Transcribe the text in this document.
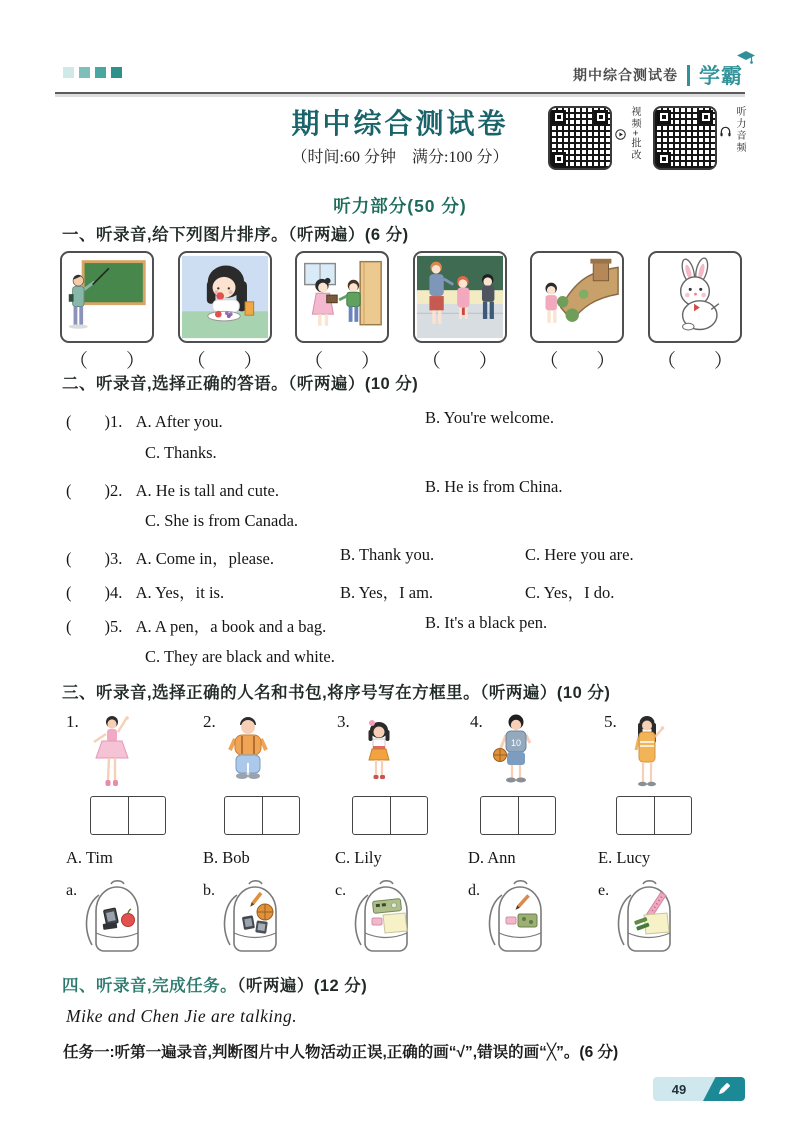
期中综合测试卷 学霸
期中综合测试卷
（时间:60 分钟　满分:100 分）	视频+批改	听力音频
听力部分(50 分)
一、听录音,给下列图片排序。（听两遍）(6 分)
（　　） （　　） （　　） （　　） （　　） （　　）
二、听录音,选择正确的答语。（听两遍）(10 分)
(　　)1. A. After you.	B. You're welcome.
C. Thanks.
(　　)2. A. He is tall and cute.	B. He is from China.
C. She is from Canada.
(　　)3. A. Come in，please.	B. Thank you.	C. Here you are.
(　　)4. A. Yes，it is.	B. Yes，I am.	C. Yes，I do.
(　　)5. A. A pen，a book and a bag.	B. It's a black pen.
C. They are black and white.
三、听录音,选择正确的人名和书包,将序号写在方框里。（听两遍）(10 分)
1.	2.	3.	4.
10
5.
A. Tim	B. Bob	C. Lily	D. Ann	E. Lucy
a.	b.	c.	d.	e.
四、听录音,完成任务。（听两遍）(12 分)
Mike and Chen Jie are talking.
任务一:听第一遍录音,判断图片中人物活动正误,正确的画“√”,错误的画“╳”。(6 分)
49
